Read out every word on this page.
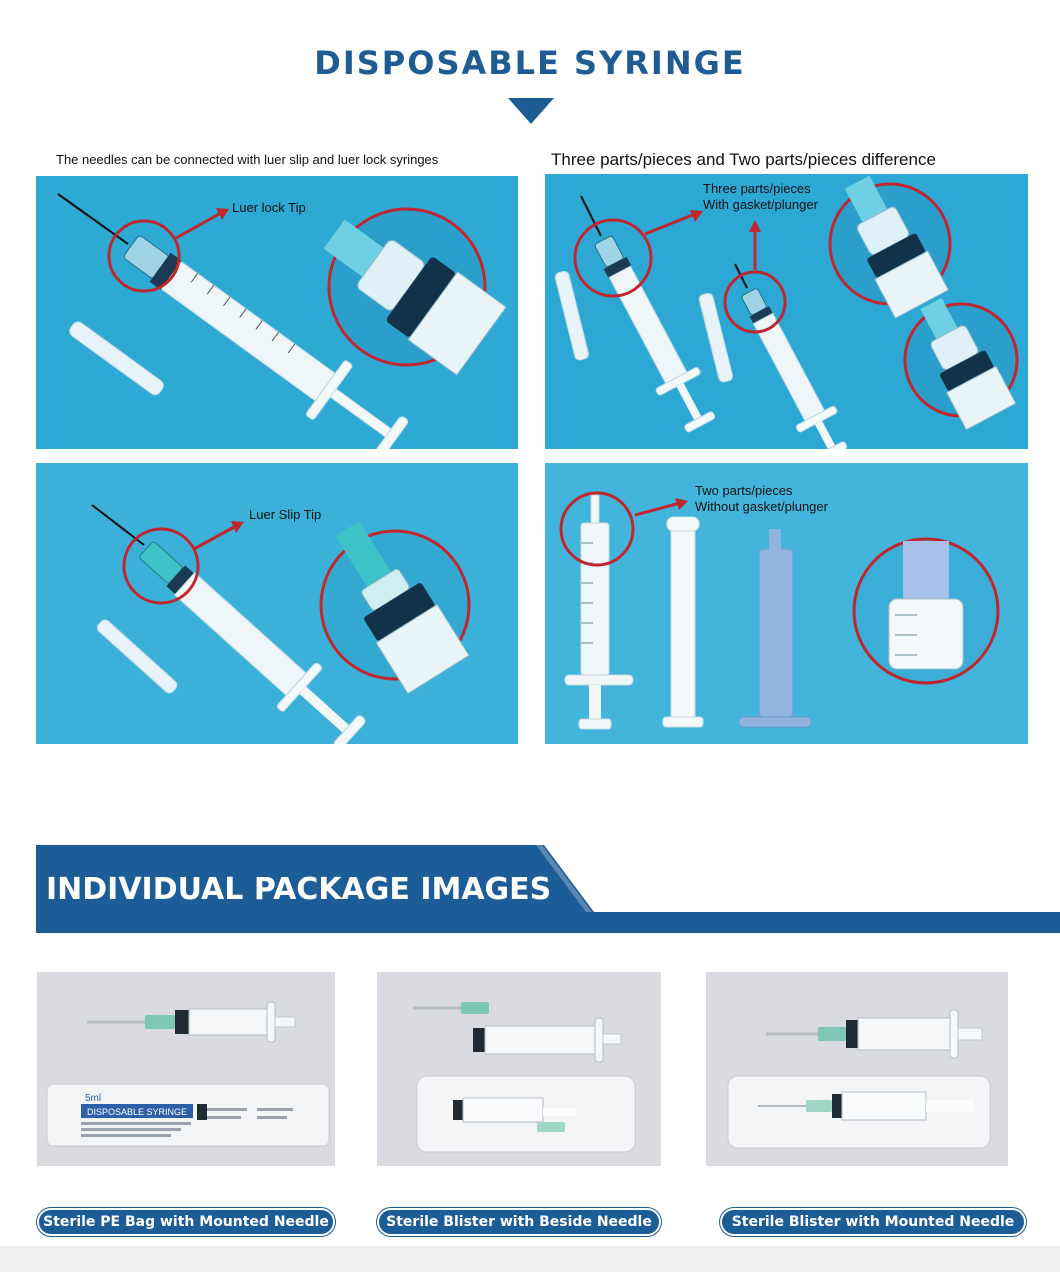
DISPOSABLE SYRINGE
The needles can be connected with luer slip and luer lock syringes	Three parts/pieces and Two parts/pieces difference
Luer lock Tip
Three parts/pieces
With gasket/plunger
Luer Slip Tip
Two parts/pieces
Without gasket/plunger
INDIVIDUAL PACKAGE IMAGES
5ml
DISPOSABLE SYRINGE
Sterile PE Bag with Mounted Needle	Sterile Blister with Beside Needle	Sterile Blister with Mounted Needle
